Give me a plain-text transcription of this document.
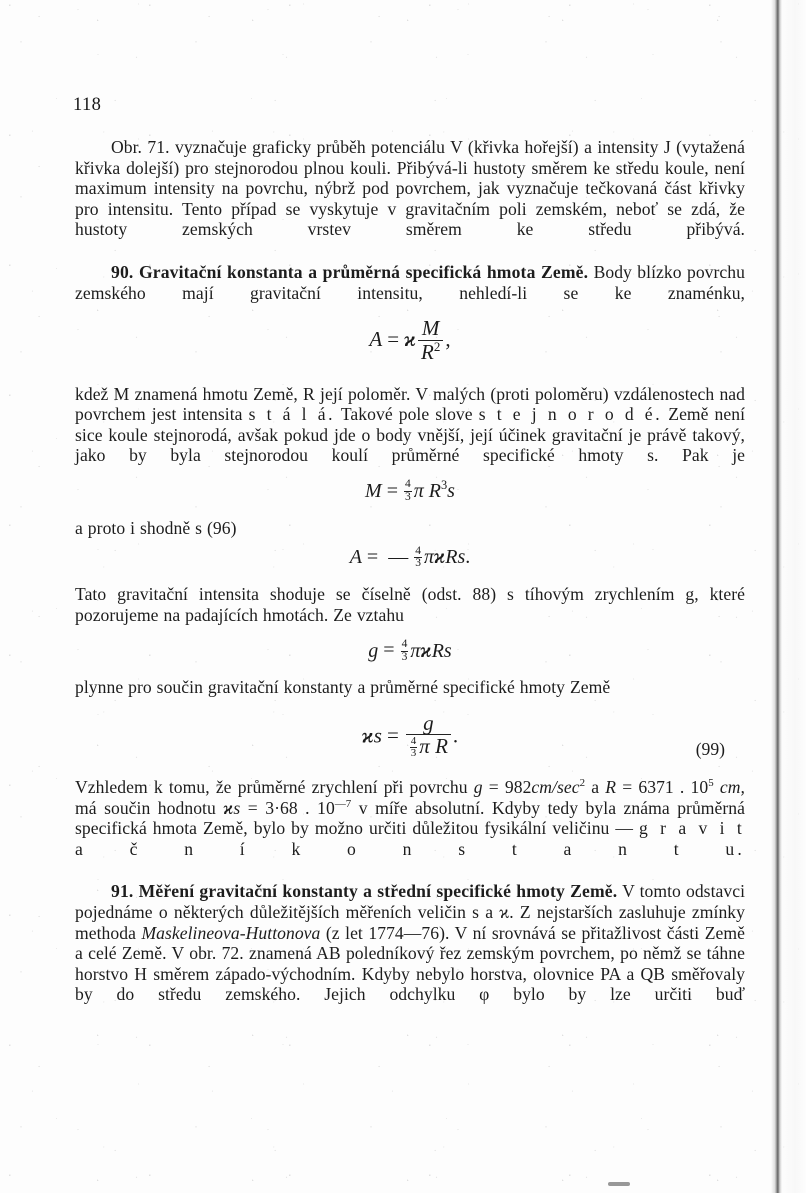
118

Obr. 71. vyznačuje graficky průběh potenciálu V (křivka hořejší) a intensity J (vytažená křivka dolejší) pro stejnorodou plnou kouli. Přibývá-li hustoty směrem ke středu koule, není maximum intensity na povrchu, nýbrž pod povrchem, jak vyznačuje tečkovaná část křivky pro intensitu. Tento případ se vyskytuje v gravitačním poli zemském, neboť se zdá, že hustoty zemských vrstev směrem ke středu přibývá.

90. Gravitační konstanta a průměrná specifická hmota Země. Body blízko povrchu zemského mají gravitační intensitu, nehledí-li se ke znaménku,

A = ϰ $\frac{M}{R^2}$ ,

kdež M znamená hmotu Země, R její poloměr. V malých (proti poloměru) vzdálenostech nad povrchem jest intensita s t á l á. Takové pole slove s t e j n o r o d é. Země není sice koule stejnorodá, avšak pokud jde o body vnější, její účinek gravitační je právě takový, jako by byla stejnorodou koulí průměrné specifické hmoty s. Pak je

$M = \frac{4}{3}$ π $R^3s$

a proto i shodně s (96)

A = — $\frac{4}{3} \pi ϰRs$.

Tato gravitační intensita shoduje se číselně (odst. 88) s tíhovým zrychlením g, které pozorujeme na padajících hmotách. Ze vztahu

$g = \frac{4}{3}$ πϰRs

plynne pro součin gravitační konstanty a průměrné specifické hmoty Země

$ϰs = \frac{g}{\frac{4}{3} \pi R}$ .
(99)

Vzhledem k tomu, že průměrné zrychlení při povrchu $g = 982cm/\sec^2$ a R = 6371 . $10^5$ cm, má součin hodnotu ϰs = 3·68 . $10^{—7}$ v míře absolutní. Kdyby tedy byla známa průměrná specifická hmota Země, bylo by možno určiti důležitou fysikální veličinu — g r a v i t a č n í k o n s t a n t u.

91. Měření gravitační konstanty a střední specifické hmoty Země. V tomto odstavci pojednáme o některých důležitějších měřeních veličin s a ϰ. Z nejstarších zasluhuje zmínky methoda Maskelineova-Huttonova (z let 1774—76). V ní srovnává se přitažlivost části Země a celé Země. V obr. 72. znamená AB poledníkový řez zemským povrchem, po němž se táhne horstvo H směrem západo-východním. Kdyby nebylo horstva, olovnice PA a QB směřovaly by do středu zemského. Jejich odchylku φ bylo by lze určiti buď
